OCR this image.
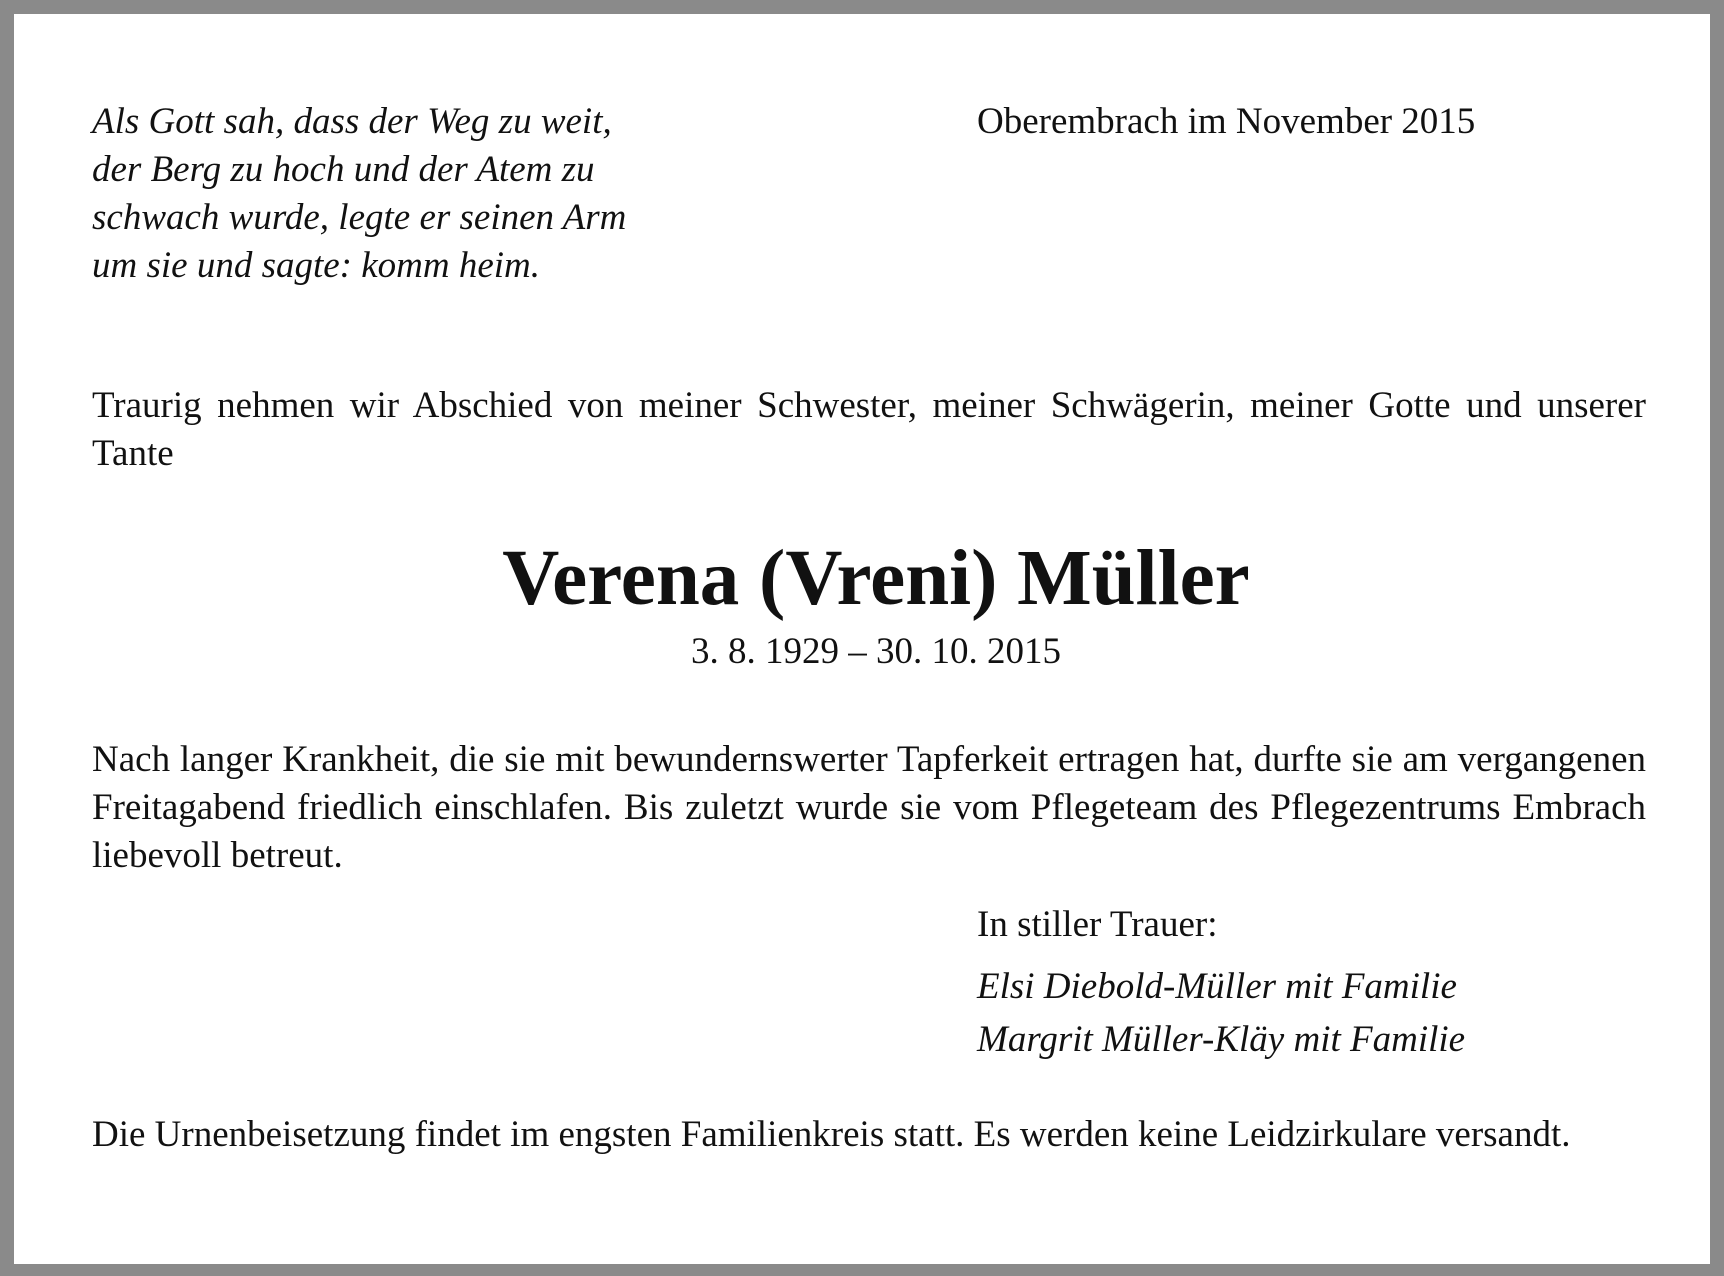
Als Gott sah, dass der Weg zu weit,
der Berg zu hoch und der Atem zu
schwach wurde, legte er seinen Arm
um sie und sagte: komm heim.
Oberembrach im November 2015
Traurig nehmen wir Abschied von meiner Schwester, meiner Schwägerin, meiner Gotte und unserer Tante
Verena (Vreni) Müller
3. 8. 1929 – 30. 10. 2015
Nach langer Krankheit, die sie mit bewundernswerter Tapferkeit ertragen hat, durfte sie am vergangenen Freitagabend friedlich einschlafen. Bis zuletzt wurde sie vom Pflegeteam des Pflegezentrums Embrach liebevoll betreut.
In stiller Trauer:
Elsi Diebold-Müller mit Familie
Margrit Müller-Kläy mit Familie
Die Urnenbeisetzung findet im engsten Familienkreis statt. Es werden keine Leidzirkulare versandt.
